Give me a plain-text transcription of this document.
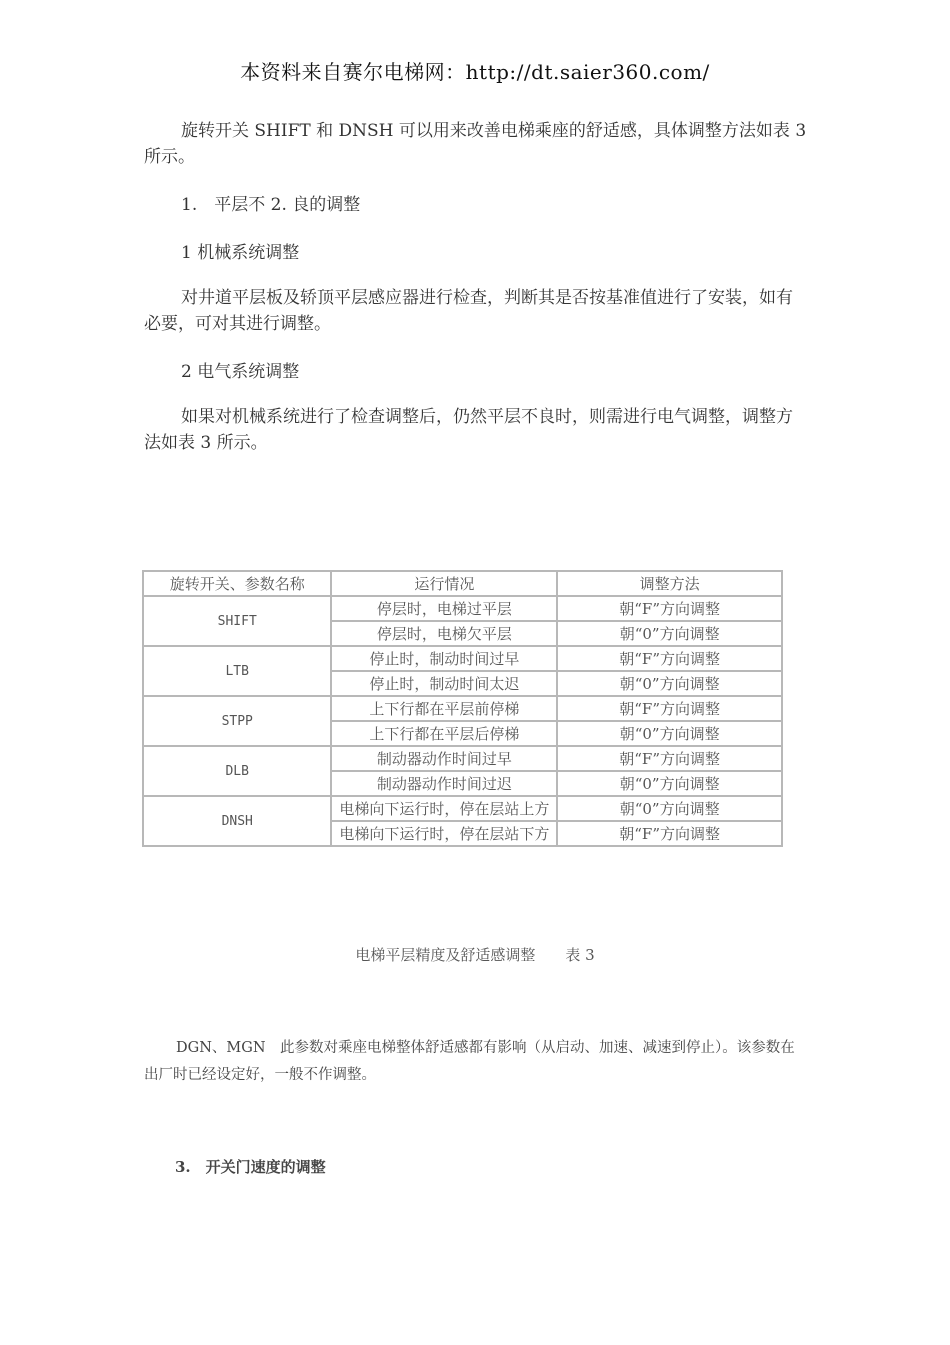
本资料来自赛尔电梯网：http://dt.saier360.com/

旋转开关 SHIFT 和 DNSH 可以用来改善电梯乘座的舒适感，具体调整方法如表 3 所示。

1.　平层不 2. 良的调整

1 机械系统调整

对井道平层板及轿顶平层感应器进行检查，判断其是否按基准值进行了安装，如有必要，可对其进行调整。

2 电气系统调整

如果对机械系统进行了检查调整后，仍然平层不良时，则需进行电气调整，调整方法如表 3 所示。

旋转开关、参数名称	运行情况	调整方法
SHIFT	停层时，电梯过平层	朝“F”方向调整
	停层时，电梯欠平层	朝“0”方向调整
LTB	停止时，制动时间过早	朝“F”方向调整
	停止时，制动时间太迟	朝“0”方向调整
STPP	上下行都在平层前停梯	朝“F”方向调整
	上下行都在平层后停梯	朝“0”方向调整
DLB	制动器动作时间过早	朝“F”方向调整
	制动器动作时间过迟	朝“0”方向调整
DNSH	电梯向下运行时，停在层站上方	朝“0”方向调整
	电梯向下运行时，停在层站下方	朝“F”方向调整
电梯平层精度及舒适感调整 表 3

DGN、MGN　此参数对乘座电梯整体舒适感都有影响（从启动、加速、减速到停止）。该参数在出厂时已经设定好，一般不作调整。

3.　开关门速度的调整
